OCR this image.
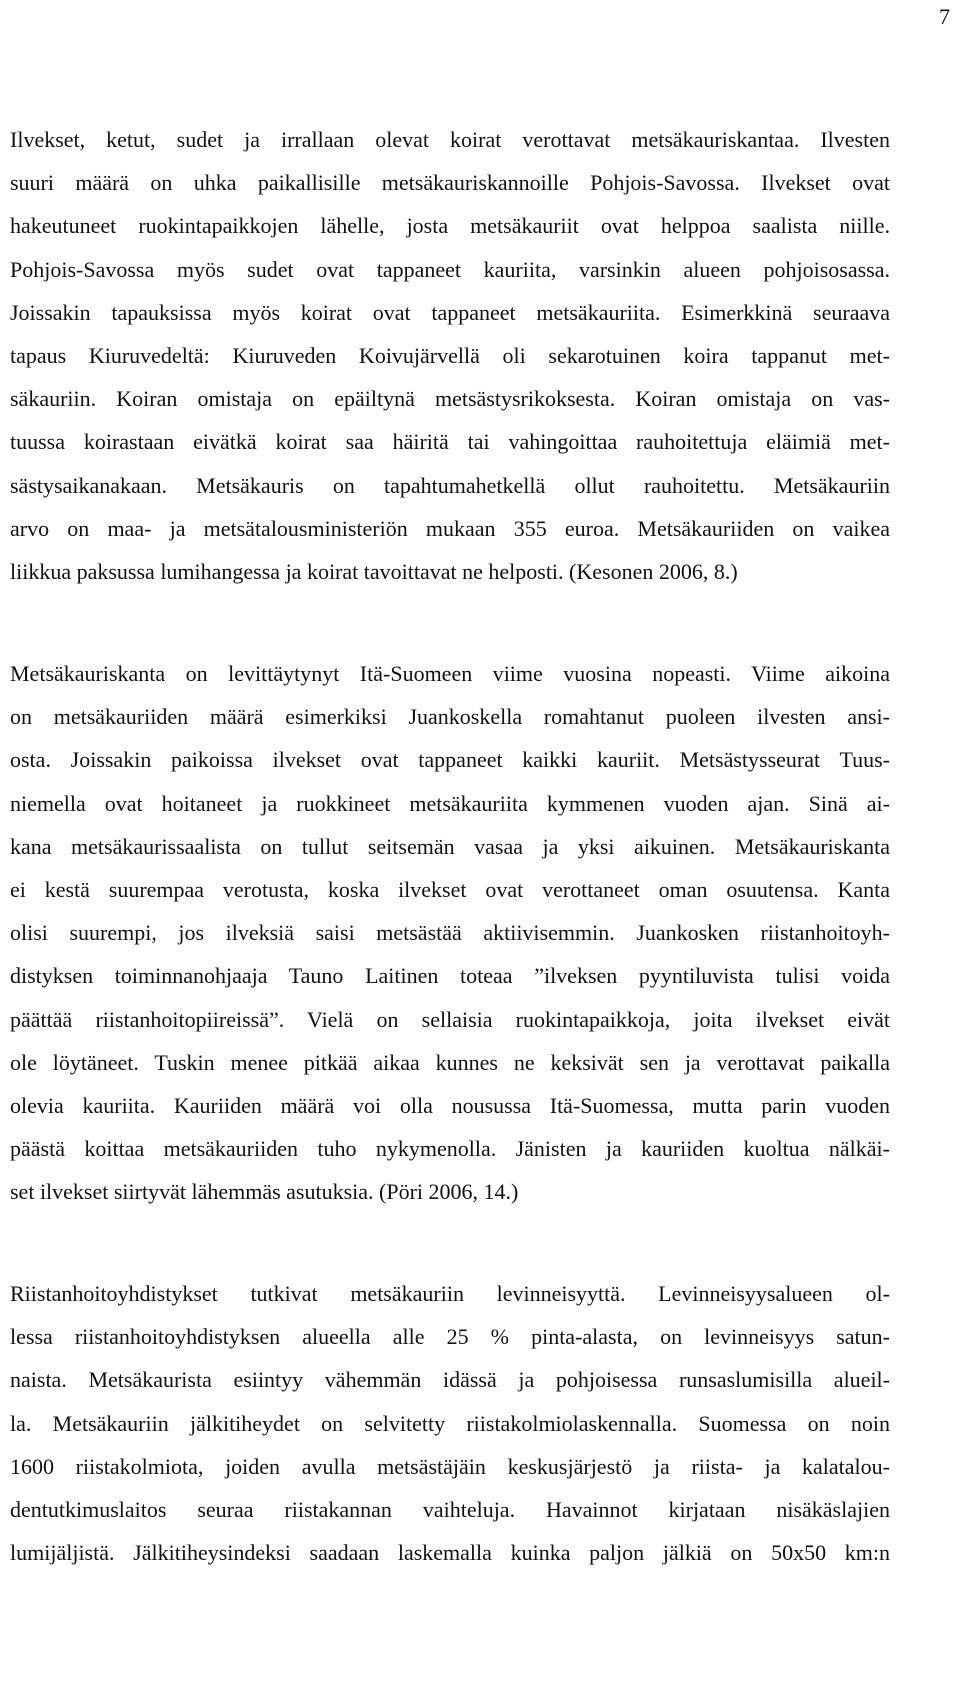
7
Ilvekset, ketut, sudet ja irrallaan olevat koirat verottavat metsäkauriskantaa. Ilvesten
suuri määrä on uhka paikallisille metsäkauriskannoille Pohjois-Savossa. Ilvekset ovat
hakeutuneet ruokintapaikkojen lähelle, josta metsäkauriit ovat helppoa saalista niille.
Pohjois-Savossa myös sudet ovat tappaneet kauriita, varsinkin alueen pohjoisosassa.
Joissakin tapauksissa myös koirat ovat tappaneet metsäkauriita. Esimerkkinä seuraava
tapaus Kiuruvedeltä: Kiuruveden Koivujärvellä oli sekarotuinen koira tappanut met-
säkauriin. Koiran omistaja on epäiltynä metsästysrikoksesta. Koiran omistaja on vas-
tuussa koirastaan eivätkä koirat saa häiritä tai vahingoittaa rauhoitettuja eläimiä met-
sästysaikanakaan. Metsäkauris on tapahtumahetkellä ollut rauhoitettu. Metsäkauriin
arvo on maa- ja metsätalousministeriön mukaan 355 euroa. Metsäkauriiden on vaikea
liikkua paksussa lumihangessa ja koirat tavoittavat ne helposti. (Kesonen 2006, 8.)
Metsäkauriskanta on levittäytynyt Itä-Suomeen viime vuosina nopeasti. Viime aikoina
on metsäkauriiden määrä esimerkiksi Juankoskella romahtanut puoleen ilvesten ansi-
osta. Joissakin paikoissa ilvekset ovat tappaneet kaikki kauriit. Metsästysseurat Tuus-
niemella ovat hoitaneet ja ruokkineet metsäkauriita kymmenen vuoden ajan. Sinä ai-
kana metsäkaurissaalista on tullut seitsemän vasaa ja yksi aikuinen. Metsäkauriskanta
ei kestä suurempaa verotusta, koska ilvekset ovat verottaneet oman osuutensa. Kanta
olisi suurempi, jos ilveksiä saisi metsästää aktiivisemmin. Juankosken riistanhoitoyh-
distyksen toiminnanohjaaja Tauno Laitinen toteaa ”ilveksen pyyntiluvista tulisi voida
päättää riistanhoitopiireissä”. Vielä on sellaisia ruokintapaikkoja, joita ilvekset eivät
ole löytäneet. Tuskin menee pitkää aikaa kunnes ne keksivät sen ja verottavat paikalla
olevia kauriita. Kauriiden määrä voi olla nousussa Itä-Suomessa, mutta parin vuoden
päästä koittaa metsäkauriiden tuho nykymenolla. Jänisten ja kauriiden kuoltua nälkäi-
set ilvekset siirtyvät lähemmäs asutuksia. (Pöri 2006, 14.)
Riistanhoitoyhdistykset tutkivat metsäkauriin levinneisyyttä. Levinneisyysalueen ol-
lessa riistanhoitoyhdistyksen alueella alle 25 % pinta-alasta, on levinneisyys satun-
naista. Metsäkaurista esiintyy vähemmän idässä ja pohjoisessa runsaslumisilla alueil-
la. Metsäkauriin jälkitiheydet on selvitetty riistakolmiolaskennalla. Suomessa on noin
1600 riistakolmiota, joiden avulla metsästäjäin keskusjärjestö ja riista- ja kalatalou-
dentutkimuslaitos seuraa riistakannan vaihteluja. Havainnot kirjataan nisäkäslajien
lumijäljistä. Jälkitiheysindeksi saadaan laskemalla kuinka paljon jälkiä on 50x50 km:n
